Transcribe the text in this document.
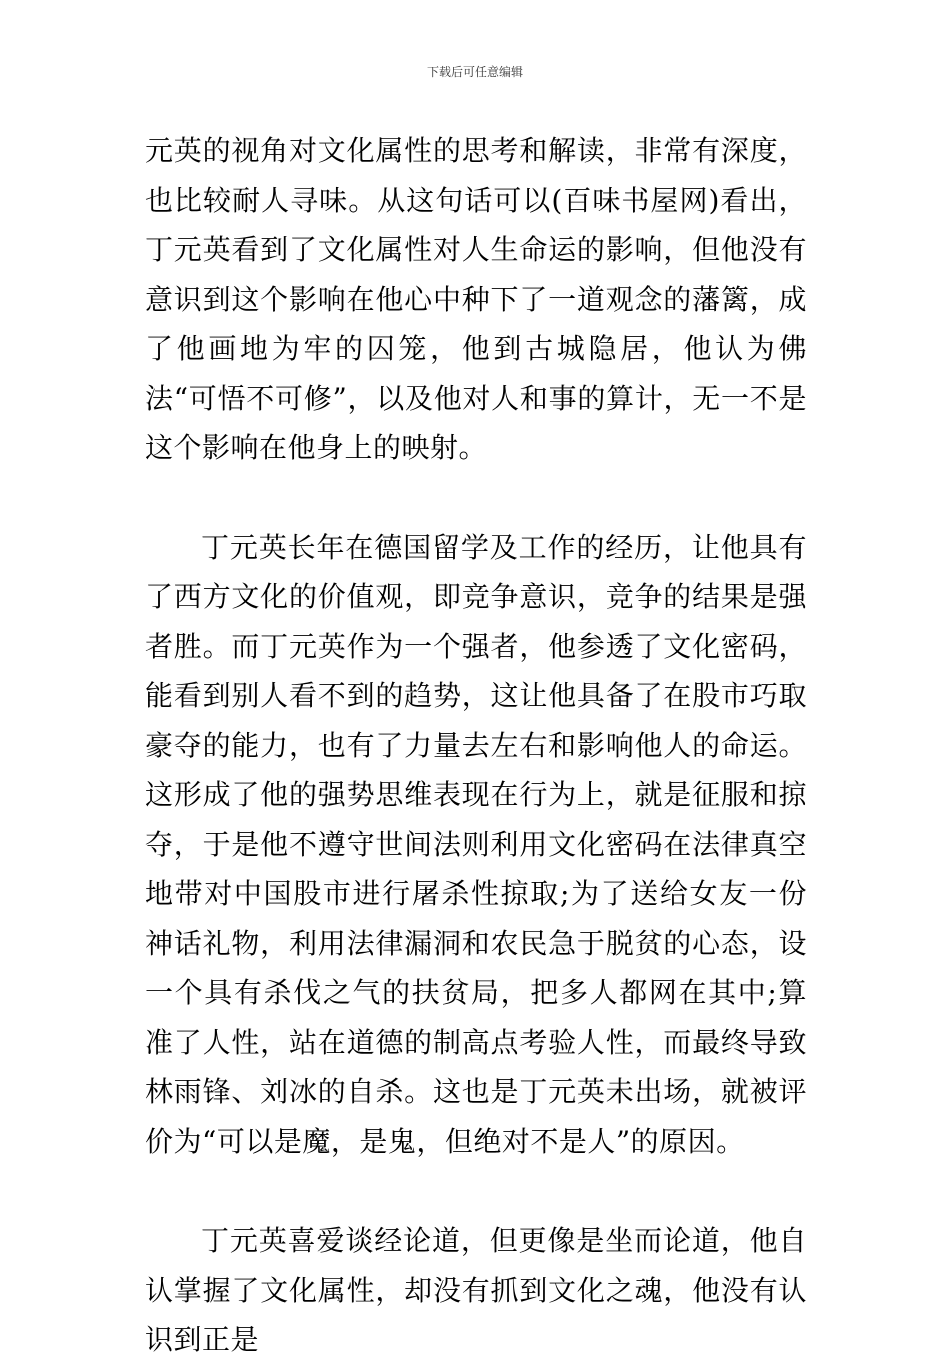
下载后可任意编辑

元英的视角对文化属性的思考和解读，非常有深度，也比较耐人寻味。从这句话可以(百味书屋网)看出，丁元英看到了文化属性对人生命运的影响，但他没有意识到这个影响在他心中种下了一道观念的藩篱，成了他画地为牢的囚笼，他到古城隐居，他认为佛法“可悟不可修”，以及他对人和事的算计，无一不是这个影响在他身上的映射。

丁元英长年在德国留学及工作的经历，让他具有了西方文化的价值观，即竞争意识，竞争的结果是强者胜。而丁元英作为一个强者，他参透了文化密码，能看到别人看不到的趋势，这让他具备了在股市巧取豪夺的能力，也有了力量去左右和影响他人的命运。这形成了他的强势思维表现在行为上，就是征服和掠夺，于是他不遵守世间法则利用文化密码在法律真空地带对中国股市进行屠杀性掠取;为了送给女友一份神话礼物，利用法律漏洞和农民急于脱贫的心态，设一个具有杀伐之气的扶贫局，把多人都网在其中;算准了人性，站在道德的制高点考验人性，而最终导致林雨锋、刘冰的自杀。这也是丁元英未出场，就被评价为“可以是魔，是鬼，但绝对不是人”的原因。

丁元英喜爱谈经论道，但更像是坐而论道，他自认掌握了文化属性，却没有抓到文化之魂，他没有认识到正是
